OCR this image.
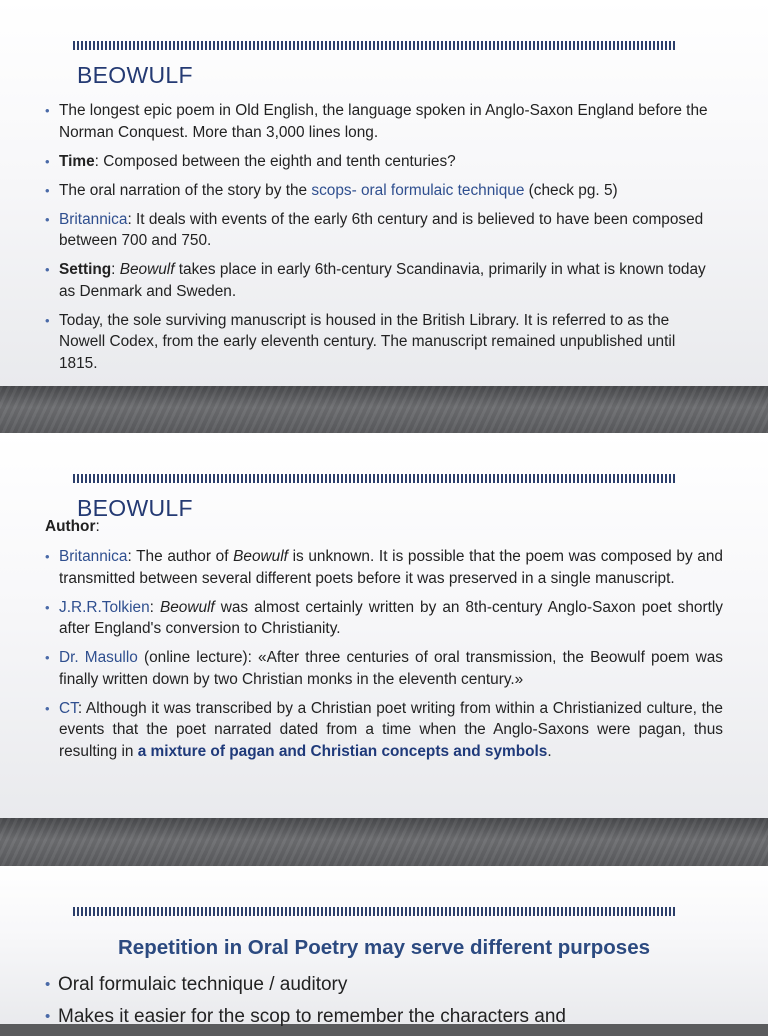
BEOWULF
• The longest epic poem in Old English, the language spoken in Anglo-Saxon England before the Norman Conquest. More than 3,000 lines long.
• Time: Composed between the eighth and tenth centuries?
• The oral narration of the story by the scops- oral formulaic technique (check pg. 5)
• Britannica: It deals with events of the early 6th century and is believed to have been composed between 700 and 750.
• Setting: Beowulf takes place in early 6th-century Scandinavia, primarily in what is known today as Denmark and Sweden.
• Today, the sole surviving manuscript is housed in the British Library. It is referred to as the Nowell Codex, from the early eleventh century. The manuscript remained unpublished until 1815.
BEOWULF
Author:
• Britannica: The author of Beowulf is unknown. It is possible that the poem was composed by and transmitted between several different poets before it was preserved in a single manuscript.
• J.R.R.Tolkien: Beowulf was almost certainly written by an 8th-century Anglo-Saxon poet shortly after England's conversion to Christianity.
• Dr. Masullo (online lecture): «After three centuries of oral transmission, the Beowulf poem was finally written down by two Christian monks in the eleventh century.»
• CT: Although it was transcribed by a Christian poet writing from within a Christianized culture, the events that the poet narrated dated from a time when the Anglo-Saxons were pagan, thus resulting in a mixture of pagan and Christian concepts and symbols.
Repetition in Oral Poetry may serve different purposes
• Oral formulaic technique / auditory
• Makes it easier for the scop to remember the characters and
